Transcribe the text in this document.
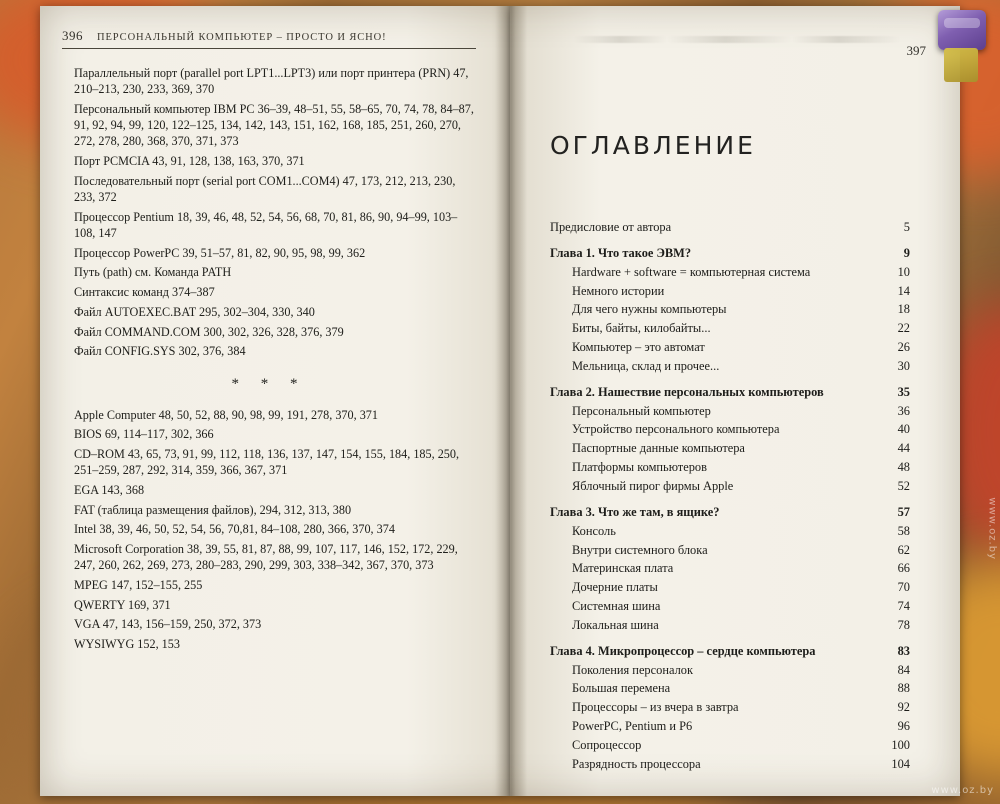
396 ПЕРСОНАЛЬНЫЙ КОМПЬЮТЕР – ПРОСТО И ЯСНО!
Параллельный порт (parallel port LPT1...LPT3) или порт принтера (PRN) 47, 210–213, 230, 233, 369, 370
Персональный компьютер IBM PC 36–39, 48–51, 55, 58–65, 70, 74, 78, 84–87, 91, 92, 94, 99, 120, 122–125, 134, 142, 143, 151, 162, 168, 185, 251, 260, 270, 272, 278, 280, 368, 370, 371, 373
Порт PCMCIA 43, 91, 128, 138, 163, 370, 371
Последовательный порт (serial port COM1...COM4) 47, 173, 212, 213, 230, 233, 372
Процессор Pentium 18, 39, 46, 48, 52, 54, 56, 68, 70, 81, 86, 90, 94–99, 103–108, 147
Процессор PowerPC 39, 51–57, 81, 82, 90, 95, 98, 99, 362
Путь (path) см. Команда PATH
Синтаксис команд 374–387
Файл AUTOEXEC.BAT 295, 302–304, 330, 340
Файл COMMAND.COM 300, 302, 326, 328, 376, 379
Файл CONFIG.SYS 302, 376, 384
* * *
Apple Computer 48, 50, 52, 88, 90, 98, 99, 191, 278, 370, 371
BIOS 69, 114–117, 302, 366
CD–ROM 43, 65, 73, 91, 99, 112, 118, 136, 137, 147, 154, 155, 184, 185, 250, 251–259, 287, 292, 314, 359, 366, 367, 371
EGA 143, 368
FAT (таблица размещения файлов), 294, 312, 313, 380
Intel 38, 39, 46, 50, 52, 54, 56, 70,81, 84–108, 280, 366, 370, 374
Microsoft Corporation 38, 39, 55, 81, 87, 88, 99, 107, 117, 146, 152, 172, 229, 247, 260, 262, 269, 273, 280–283, 290, 299, 303, 338–342, 367, 370, 373
MPEG 147, 152–155, 255
QWERTY 169, 371
VGA 47, 143, 156–159, 250, 372, 373
WYSIWYG 152, 153
397
ОГЛАВЛЕНИЕ
Предисловие от автора	5
Глава 1. Что такое ЭВМ?	9
Hardware + software = компьютерная система	10
Немного истории	14
Для чего нужны компьютеры	18
Биты, байты, килобайты...	22
Компьютер – это автомат	26
Мельница, склад и прочее...	30
Глава 2. Нашествие персональных компьютеров	35
Персональный компьютер	36
Устройство персонального компьютера	40
Паспортные данные компьютера	44
Платформы компьютеров	48
Яблочный пирог фирмы Apple	52
Глава 3. Что же там, в ящике?	57
Консоль	58
Внутри системного блока	62
Материнская плата	66
Дочерние платы	70
Системная шина	74
Локальная шина	78
Глава 4. Микропроцессор – сердце компьютера	83
Поколения персоналок	84
Большая перемена	88
Процессоры – из вчера в завтра	92
PowerPC, Pentium и P6	96
Сопроцессор	100
Разрядность процессора	104
www.oz.by
www.oz.by
